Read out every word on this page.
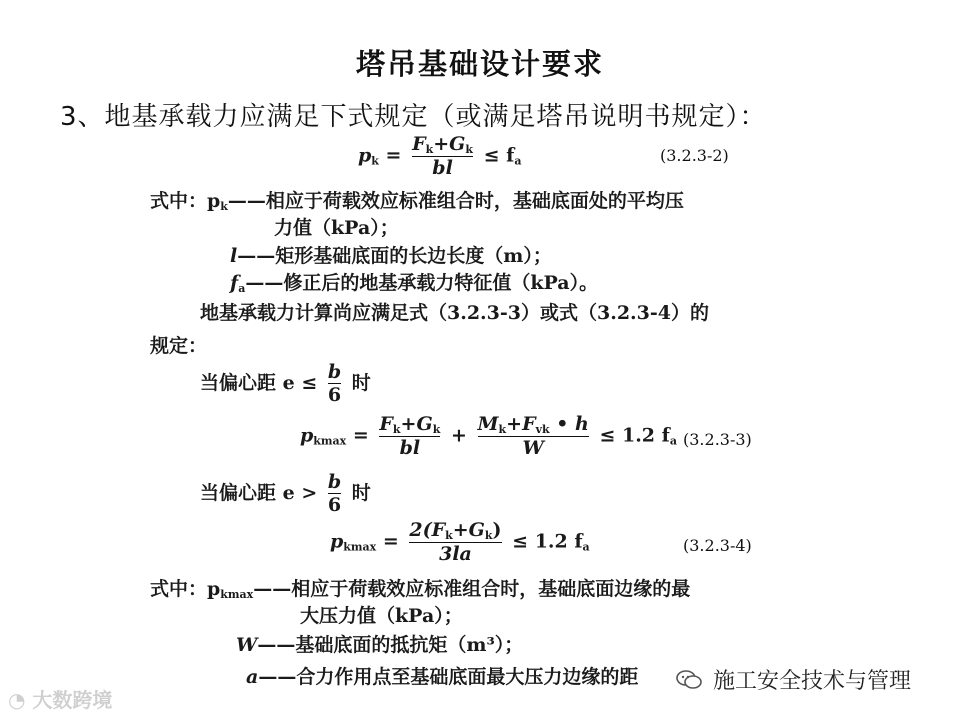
塔吊基础设计要求
3、地基承载力应满足下式规定（或满足塔吊说明书规定）：
$p_k = \frac{F_k+G_k}{bl} \le f_a$	(3.2.3-2)
式中：$p_k——$相应于荷载效应标准组合时，基础底面处的平均压
力值（kPa）；
l——矩形基础底面的长边长度（m）；
$f_a——$修正后的地基承载力特征值（kPa）。
地基承载力计算尚应满足式（3.2.3-3）或式（3.2.3-4）的
规定：
当偏心距 $e \le \frac{b}{6}$ 时
$p_{kmax} = \frac{F_k+G_k}{bl} + \frac{M_k+F_{vk} • h}{W} \le 1.2$ $f_a$ (3.2.3-3)
当偏心距 $e > \frac{b}{6}$ 时
$p_{kmax} = \frac{2(F_k+G_k)}{3la} \le 1.2$ $f_a$	(3.2.3-4)
式中：$p_{kmax}——$相应于荷载效应标准组合时，基础底面边缘的最
大压力值（kPa）；
W——基础底面的抵抗矩（m³）；
a——合力作用点至基础底面最大压力边缘的距
◔ 大数跨境
施工安全技术与管理
